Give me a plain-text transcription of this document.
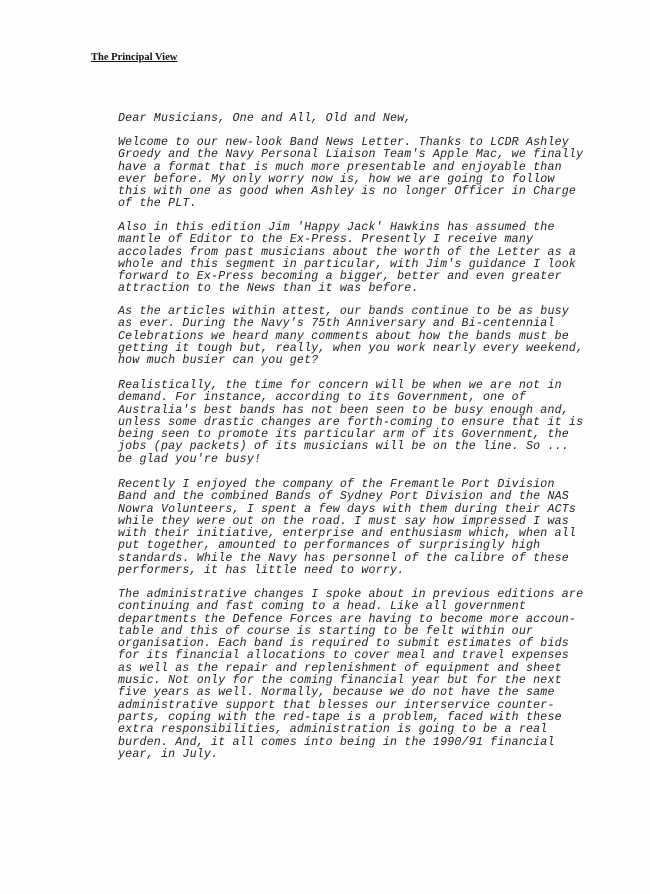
The Principal View

Dear Musicians, One and All, Old and New,

Welcome to our new-look Band News Letter. Thanks to LCDR Ashley
Groedy and the Navy Personal Liaison Team's Apple Mac, we finally
have a format that is much more presentable and enjoyable than
ever before. My only worry now is, how we are going to follow
this with one as good when Ashley is no longer Officer in Charge
of the PLT.

Also in this edition Jim 'Happy Jack' Hawkins has assumed the
mantle of Editor to the Ex-Press. Presently I receive many
accolades from past musicians about the worth of the Letter as a
whole and this segment in particular, with Jim's guidance I look
forward to Ex-Press becoming a bigger, better and even greater
attraction to the News than it was before.

As the articles within attest, our bands continue to be as busy
as ever. During the Navy's 75th Anniversary and Bi-centennial
Celebrations we heard many comments about how the bands must be
getting it tough but, really, when you work nearly every weekend,
how much busier can you get?

Realistically, the time for concern will be when we are not in
demand. For instance, according to its Government, one of
Australia's best bands has not been seen to be busy enough and,
unless some drastic changes are forth-coming to ensure that it is
being seen to promote its particular arm of its Government, the
jobs (pay packets) of its musicians will be on the line. So ...
be glad you're busy!

Recently I enjoyed the company of the Fremantle Port Division
Band and the combined Bands of Sydney Port Division and the NAS
Nowra Volunteers, I spent a few days with them during their ACTs
while they were out on the road. I must say how impressed I was
with their initiative, enterprise and enthusiasm which, when all
put together, amounted to performances of surprisingly high
standards. While the Navy has personnel of the calibre of these
performers, it has little need to worry.

The administrative changes I spoke about in previous editions are
continuing and fast coming to a head. Like all government
departments the Defence Forces are having to become more accoun-
table and this of course is starting to be felt within our
organisation. Each band is required to submit estimates of bids
for its financial allocations to cover meal and travel expenses
as well as the repair and replenishment of equipment and sheet
music. Not only for the coming financial year but for the next
five years as well. Normally, because we do not have the same
administrative support that blesses our interservice counter-
parts, coping with the red-tape is a problem, faced with these
extra responsibilities, administration is going to be a real
burden. And, it all comes into being in the 1990/91 financial
year, in July.
